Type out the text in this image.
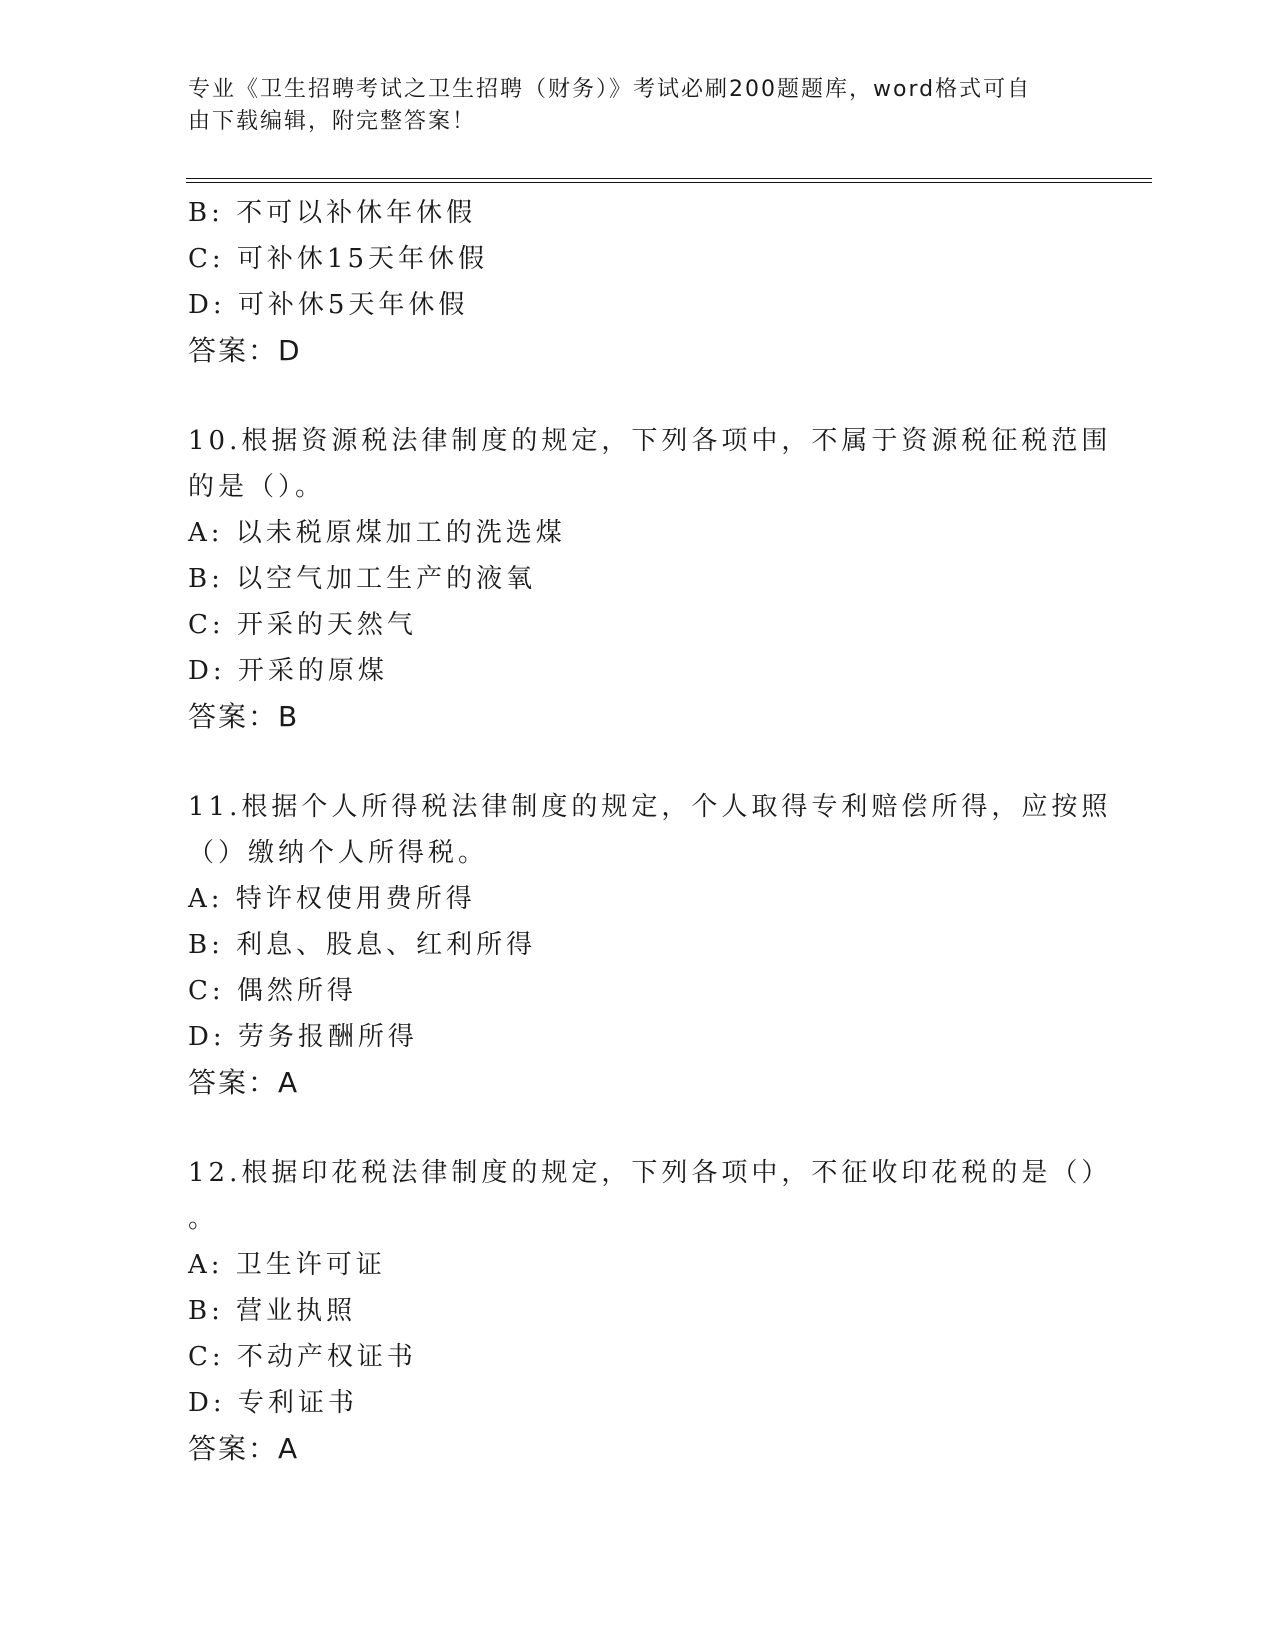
专业《卫生招聘考试之卫生招聘（财务）》考试必刷200题题库，word格式可自
由下载编辑，附完整答案！
B: 不可以补休年休假
C: 可补休15天年休假
D: 可补休5天年休假
答案：D
10.根据资源税法律制度的规定，下列各项中，不属于资源税征税范围
的是（）。
A: 以未税原煤加工的洗选煤
B: 以空气加工生产的液氧
C: 开采的天然气
D: 开采的原煤
答案：B
11.根据个人所得税法律制度的规定，个人取得专利赔偿所得，应按照
（）缴纳个人所得税。
A: 特许权使用费所得
B: 利息、股息、红利所得
C: 偶然所得
D: 劳务报酬所得
答案：A
12.根据印花税法律制度的规定，下列各项中，不征收印花税的是（）
。
A: 卫生许可证
B: 营业执照
C: 不动产权证书
D: 专利证书
答案：A
